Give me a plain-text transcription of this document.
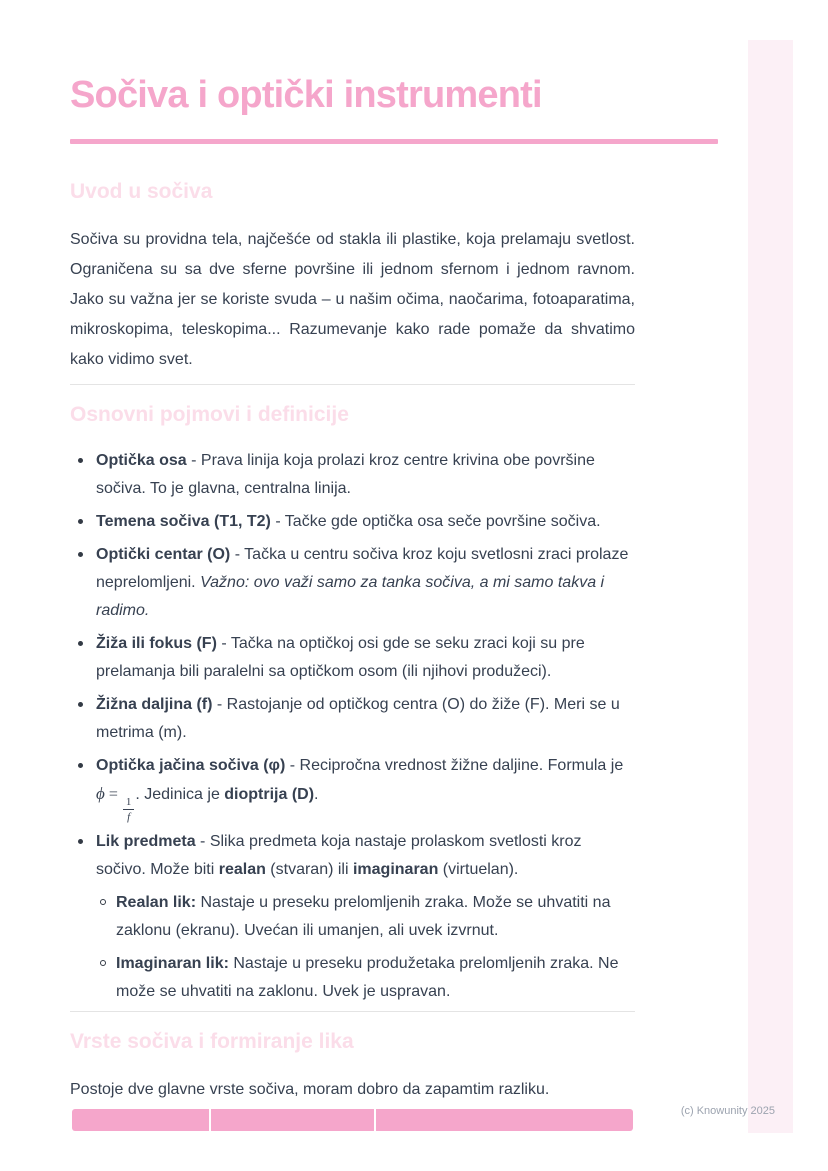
Sočiva i optički instrumenti
Uvod u sočiva

Sočiva su providna tela, najčešće od stakla ili plastike, koja prelamaju svetlost. Ograničena su sa dve sferne površine ili jednom sfernom i jednom ravnom. Jako su važna jer se koriste svuda – u našim očima, naočarima, fotoaparatima, mikroskopima, teleskopima... Razumevanje kako rade pomaže da shvatimo kako vidimo svet.

Osnovni pojmovi i definicije
Optička osa - Prava linija koja prolazi kroz centre krivina obe površine sočiva. To je glavna, centralna linija.
Temena sočiva (T1, T2) - Tačke gde optička osa seče površine sočiva.
Optički centar (O) - Tačka u centru sočiva kroz koju svetlosni zraci prolaze neprelomljeni. Važno: ovo važi samo za tanka sočiva, a mi samo takva i radimo.
Žiža ili fokus (F) - Tačka na optičkoj osi gde se seku zraci koji su pre prelamanja bili paralelni sa optičkom osom (ili njihovi produžeci).
Žižna daljina (f) - Rastojanje od optičkog centra (O) do žiže (F). Meri se u metrima (m).
Optička jačina sočiva (φ) - Recipročna vrednost žižne daljine. Formula je ϕ =
$\frac{1}{f}$
. Jedinica je dioptrija (D).
Lik predmeta - Slika predmeta koja nastaje prolaskom svetlosti kroz sočivo. Može biti realan (stvaran) ili imaginaran (virtuelan).
Realan lik: Nastaje u preseku prelomljenih zraka. Može se uhvatiti na zaklonu (ekranu). Uvećan ili umanjen, ali uvek izvrnut.
Imaginaran lik: Nastaje u preseku produžetaka prelomljenih zraka. Ne može se uhvatiti na zaklonu. Uvek je uspravan.
Vrste sočiva i formiranje lika

Postoje dve glavne vrste sočiva, moram dobro da zapamtim razliku.

(c) Knowunity 2025
